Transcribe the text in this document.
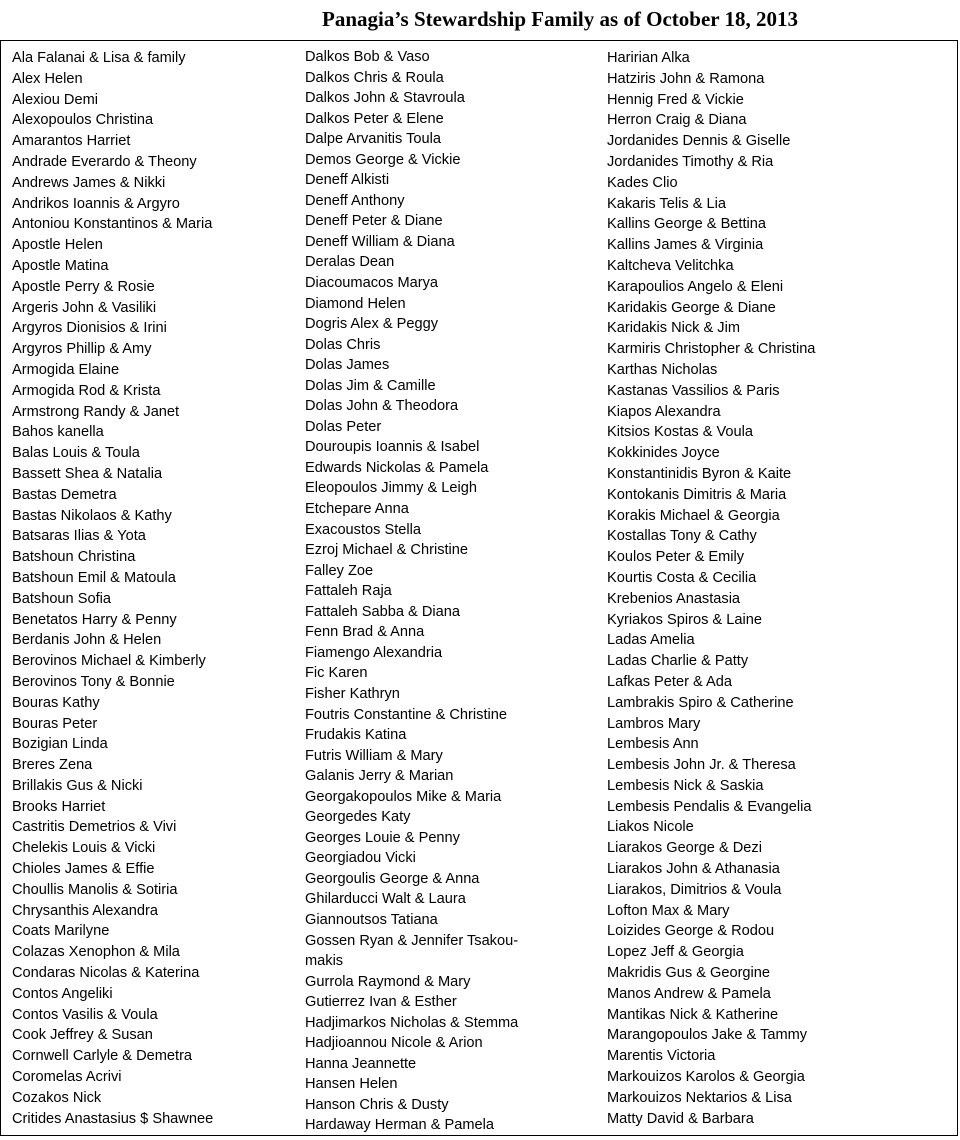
Panagia’s Stewardship Family as of October 18, 2013
Ala Falanai & Lisa & family
Alex Helen
Alexiou Demi
Alexopoulos Christina
Amarantos Harriet
Andrade Everardo & Theony
Andrews James & Nikki
Andrikos Ioannis & Argyro
Antoniou Konstantinos & Maria
Apostle Helen
Apostle Matina
Apostle Perry & Rosie
Argeris John & Vasiliki
Argyros Dionisios & Irini
Argyros Phillip & Amy
Armogida Elaine
Armogida Rod & Krista
Armstrong Randy & Janet
Bahos kanella
Balas Louis & Toula
Bassett Shea & Natalia
Bastas Demetra
Bastas Nikolaos & Kathy
Batsaras Ilias & Yota
Batshoun Christina
Batshoun Emil & Matoula
Batshoun Sofia
Benetatos Harry & Penny
Berdanis John & Helen
Berovinos Michael & Kimberly
Berovinos Tony & Bonnie
Bouras Kathy
Bouras Peter
Bozigian Linda
Breres Zena
Brillakis Gus & Nicki
Brooks Harriet
Castritis Demetrios & Vivi
Chelekis Louis & Vicki
Chioles James & Effie
Choullis Manolis & Sotiria
Chrysanthis Alexandra
Coats Marilyne
Colazas Xenophon & Mila
Condaras Nicolas & Katerina
Contos Angeliki
Contos Vasilis & Voula
Cook Jeffrey & Susan
Cornwell Carlyle & Demetra
Coromelas Acrivi
Cozakos Nick
Critides Anastasius $ Shawnee
Dalkos Bob & Vaso
Dalkos Chris & Roula
Dalkos John & Stavroula
Dalkos Peter & Elene
Dalpe Arvanitis Toula
Demos George & Vickie
Deneff Alkisti
Deneff Anthony
Deneff Peter & Diane
Deneff William & Diana
Deralas Dean
Diacoumacos Marya
Diamond Helen
Dogris Alex & Peggy
Dolas Chris
Dolas James
Dolas Jim & Camille
Dolas John & Theodora
Dolas Peter
Douroupis Ioannis & Isabel
Edwards Nickolas & Pamela
Eleopoulos Jimmy & Leigh
Etchepare Anna
Exacoustos Stella
Ezroj Michael & Christine
Falley Zoe
Fattaleh Raja
Fattaleh Sabba & Diana
Fenn Brad & Anna
Fiamengo Alexandria
Fic Karen
Fisher Kathryn
Foutris Constantine & Christine
Frudakis Katina
Futris William & Mary
Galanis Jerry & Marian
Georgakopoulos Mike & Maria
Georgedes Katy
Georges Louie & Penny
Georgiadou Vicki
Georgoulis George & Anna
Ghilarducci Walt & Laura
Giannoutsos Tatiana
Gossen Ryan & Jennifer Tsakou-makis
Gurrola Raymond & Mary
Gutierrez Ivan & Esther
Hadjimarkos Nicholas & Stemma
Hadjioannou Nicole & Arion
Hanna Jeannette
Hansen Helen
Hanson Chris & Dusty
Hardaway Herman & Pamela
Haririan Alka
Hatziris John & Ramona
Hennig Fred & Vickie
Herron Craig & Diana
Jordanides Dennis & Giselle
Jordanides Timothy & Ria
Kades Clio
Kakaris Telis & Lia
Kallins George & Bettina
Kallins James & Virginia
Kaltcheva Velitchka
Karapoulios Angelo & Eleni
Karidakis George & Diane
Karidakis Nick & Jim
Karmiris Christopher & Christina
Karthas Nicholas
Kastanas Vassilios & Paris
Kiapos Alexandra
Kitsios Kostas & Voula
Kokkinides Joyce
Konstantinidis Byron & Kaite
Kontokanis Dimitris & Maria
Korakis Michael & Georgia
Kostallas Tony & Cathy
Koulos Peter & Emily
Kourtis Costa & Cecilia
Krebenios Anastasia
Kyriakos Spiros & Laine
Ladas Amelia
Ladas Charlie & Patty
Lafkas Peter & Ada
Lambrakis Spiro & Catherine
Lambros Mary
Lembesis Ann
Lembesis John Jr. & Theresa
Lembesis Nick & Saskia
Lembesis Pendalis & Evangelia
Liakos Nicole
Liarakos George & Dezi
Liarakos John & Athanasia
Liarakos, Dimitrios & Voula
Lofton Max & Mary
Loizides George & Rodou
Lopez Jeff & Georgia
Makridis Gus & Georgine
Manos Andrew & Pamela
Mantikas Nick & Katherine
Marangopoulos Jake & Tammy
Marentis Victoria
Markouizos Karolos & Georgia
Markouizos Nektarios & Lisa
Matty David & Barbara
